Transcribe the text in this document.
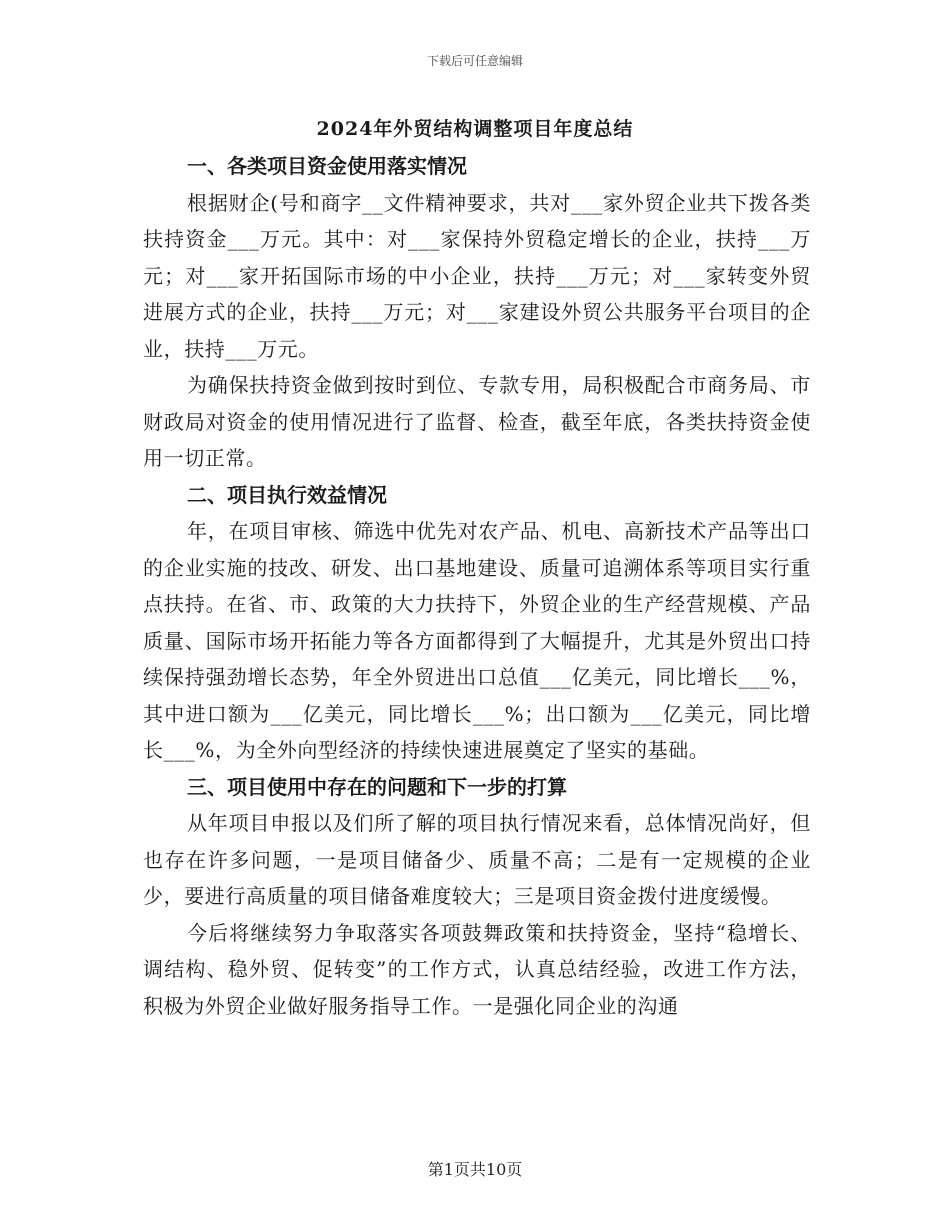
下载后可任意编辑
2024年外贸结构调整项目年度总结
一、各类项目资金使用落实情况

根据财企(号和商字__文件精神要求，共对___家外贸企业共下拨各类扶持资金___万元。其中：对___家保持外贸稳定增长的企业，扶持___万元；对___家开拓国际市场的中小企业，扶持___万元；对___家转变外贸进展方式的企业，扶持___万元；对___家建设外贸公共服务平台项目的企业，扶持___万元。

为确保扶持资金做到按时到位、专款专用，局积极配合市商务局、市财政局对资金的使用情况进行了监督、检查，截至年底，各类扶持资金使用一切正常。

二、项目执行效益情况

年，在项目审核、筛选中优先对农产品、机电、高新技术产品等出口的企业实施的技改、研发、出口基地建设、质量可追溯体系等项目实行重点扶持。在省、市、政策的大力扶持下，外贸企业的生产经营规模、产品质量、国际市场开拓能力等各方面都得到了大幅提升，尤其是外贸出口持续保持强劲增长态势，年全外贸进出口总值___亿美元，同比增长___%，其中进口额为___亿美元，同比增长___%；出口额为___亿美元，同比增长___%，为全外向型经济的持续快速进展奠定了坚实的基础。

三、项目使用中存在的问题和下一步的打算

从年项目申报以及们所了解的项目执行情况来看，总体情况尚好，但也存在许多问题，一是项目储备少、质量不高；二是有一定规模的企业少，要进行高质量的项目储备难度较大；三是项目资金拨付进度缓慢。

今后将继续努力争取落实各项鼓舞政策和扶持资金，坚持“稳增长、调结构、稳外贸、促转变”的工作方式，认真总结经验，改进工作方法，积极为外贸企业做好服务指导工作。一是强化同企业的沟通

第1页共10页
